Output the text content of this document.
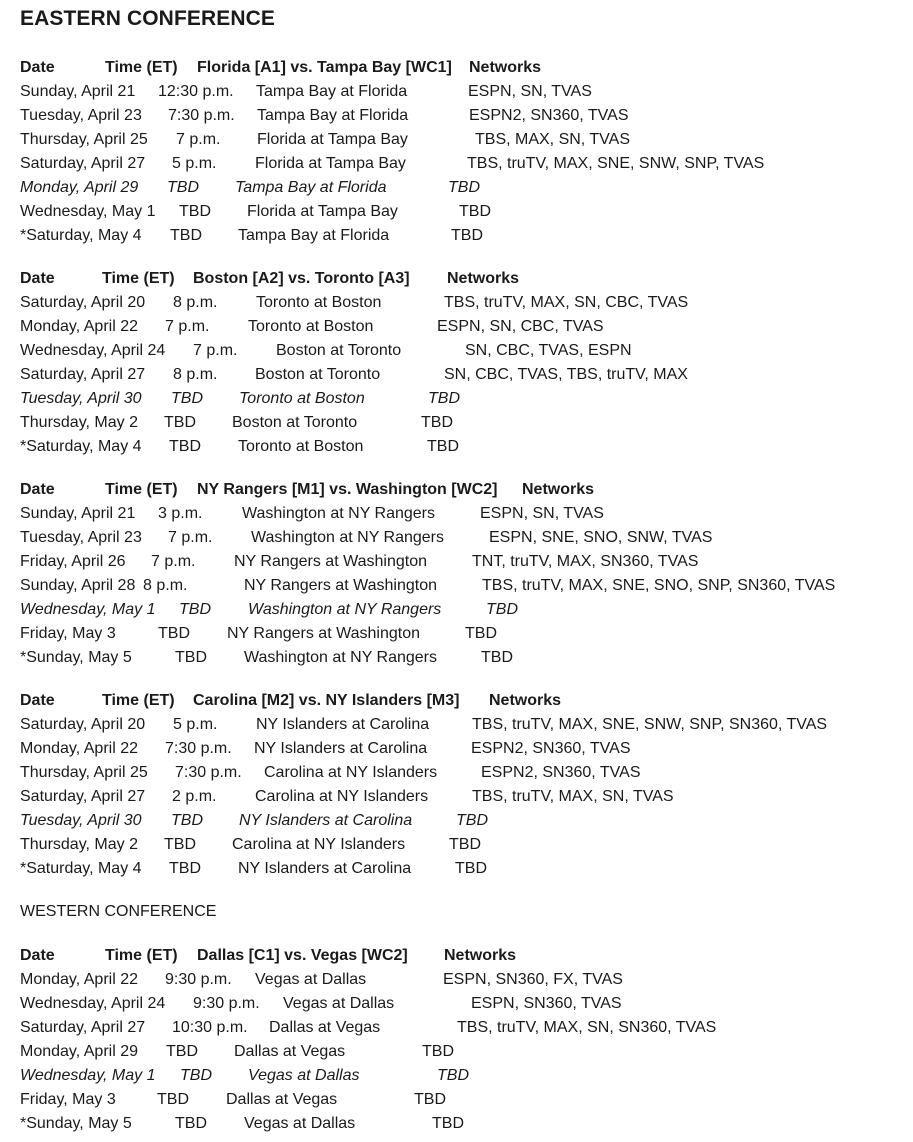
EASTERN CONFERENCE
WESTERN CONFERENCE
Date	Time (ET) Florida [A1] vs. Tampa Bay [WC1] Networks
Sunday, April 21 12:30 p.m. Tampa Bay at Florida	ESPN, SN, TVAS
Tuesday, April 23 7:30 p.m. Tampa Bay at Florida	ESPN2, SN360, TVAS
Thursday, April 25 7 p.m. Florida at Tampa Bay	TBS, MAX, SN, TVAS
Saturday, April 27 5 p.m. Florida at Tampa Bay	TBS, truTV, MAX, SNE, SNW, SNP, TVAS
Monday, April 29 TBD Tampa Bay at Florida	TBD
Wednesday, May 1 TBD Florida at Tampa Bay	TBD
*Saturday, May 4 TBD Tampa Bay at Florida	TBD
Date	Time (ET) Boston [A2] vs. Toronto [A3] Networks
Saturday, April 20 8 p.m. Toronto at Boston	TBS, truTV, MAX, SN, CBC, TVAS
Monday, April 22 7 p.m. Toronto at Boston	ESPN, SN, CBC, TVAS
Wednesday, April 24 7 p.m. Boston at Toronto	SN, CBC, TVAS, ESPN
Saturday, April 27 8 p.m. Boston at Toronto	SN, CBC, TVAS, TBS, truTV, MAX
Tuesday, April 30 TBD Toronto at Boston	TBD
Thursday, May 2 TBD Boston at Toronto	TBD
*Saturday, May 4 TBD Toronto at Boston	TBD
Date	Time (ET) NY Rangers [M1] vs. Washington [WC2] Networks
Sunday, April 21 3 p.m. Washington at NY Rangers	ESPN, SN, TVAS
Tuesday, April 23 7 p.m. Washington at NY Rangers	ESPN, SNE, SNO, SNW, TVAS
Friday, April 26 7 p.m. NY Rangers at Washington	TNT, truTV, MAX, SN360, TVAS
Sunday, April 28 8 p.m.	NY Rangers at Washington	TBS, truTV, MAX, SNE, SNO, SNP, SN360, TVAS
Wednesday, May 1 TBD Washington at NY Rangers	TBD
Friday, May 3	TBD NY Rangers at Washington	TBD
*Sunday, May 5	TBD Washington at NY Rangers	TBD
Date	Time (ET) Carolina [M2] vs. NY Islanders [M3] Networks
Saturday, April 20 5 p.m. NY Islanders at Carolina	TBS, truTV, MAX, SNE, SNW, SNP, SN360, TVAS
Monday, April 22 7:30 p.m. NY Islanders at Carolina	ESPN2, SN360, TVAS
Thursday, April 25 7:30 p.m. Carolina at NY Islanders	ESPN2, SN360, TVAS
Saturday, April 27 2 p.m. Carolina at NY Islanders	TBS, truTV, MAX, SN, TVAS
Tuesday, April 30 TBD NY Islanders at Carolina	TBD
Thursday, May 2 TBD Carolina at NY Islanders	TBD
*Saturday, May 4 TBD NY Islanders at Carolina	TBD
Date	Time (ET) Dallas [C1] vs. Vegas [WC2] Networks
Monday, April 22 9:30 p.m. Vegas at Dallas	ESPN, SN360, FX, TVAS
Wednesday, April 24 9:30 p.m. Vegas at Dallas	ESPN, SN360, TVAS
Saturday, April 27 10:30 p.m. Dallas at Vegas	TBS, truTV, MAX, SN, SN360, TVAS
Monday, April 29 TBD Dallas at Vegas	TBD
Wednesday, May 1 TBD Vegas at Dallas	TBD
Friday, May 3	TBD Dallas at Vegas	TBD
*Sunday, May 5	TBD Vegas at Dallas	TBD
